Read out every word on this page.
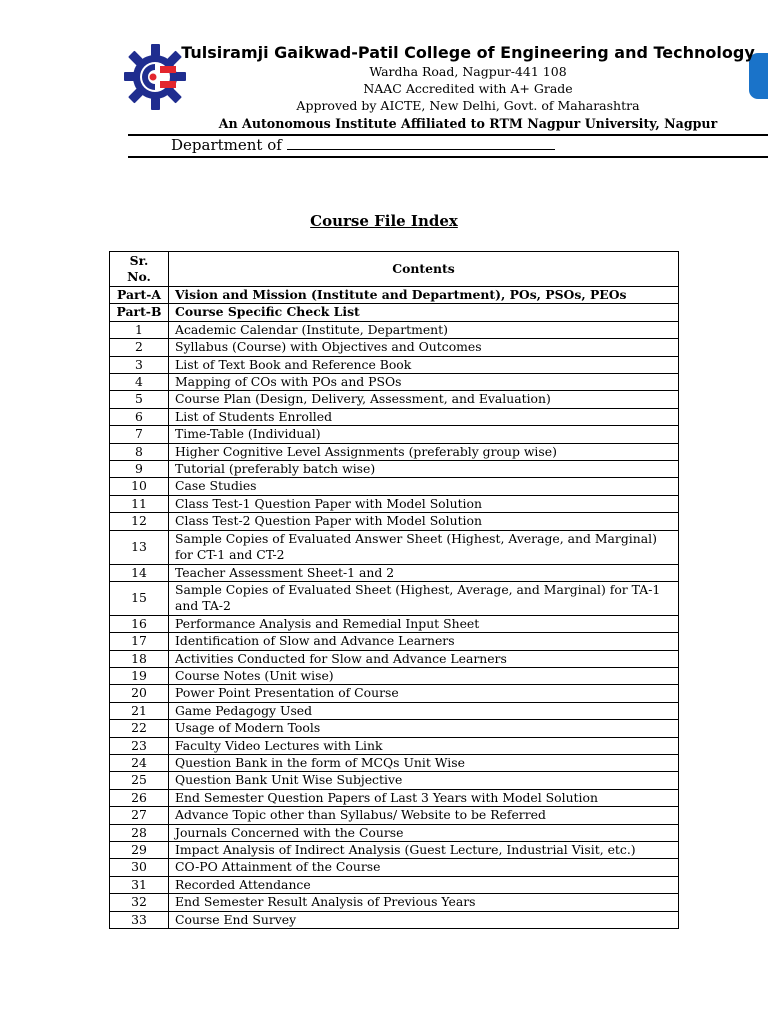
Tulsiramji Gaikwad-Patil College of Engineering and Technology
Wardha Road, Nagpur-441 108
NAAC Accredited with A+ Grade
Approved by AICTE, New Delhi, Govt. of Maharashtra
An Autonomous Institute Affiliated to RTM Nagpur University, Nagpur
Department of
Course File Index
Sr. No.	Contents
Part-A	Vision and Mission (Institute and Department), POs, PSOs, PEOs
Part-B	Course Specific Check List
1	Academic Calendar (Institute, Department)
2	Syllabus (Course) with Objectives and Outcomes
3	List of Text Book and Reference Book
4	Mapping of COs with POs and PSOs
5	Course Plan (Design, Delivery, Assessment, and Evaluation)
6	List of Students Enrolled
7	Time-Table (Individual)
8	Higher Cognitive Level Assignments (preferably group wise)
9	Tutorial (preferably batch wise)
10	Case Studies
11	Class Test-1 Question Paper with Model Solution
12	Class Test-2 Question Paper with Model Solution
13	Sample Copies of Evaluated Answer Sheet (Highest, Average, and Marginal) for CT-1 and CT-2
14	Teacher Assessment Sheet-1 and 2
15	Sample Copies of Evaluated Sheet (Highest, Average, and Marginal) for TA-1 and TA-2
16	Performance Analysis and Remedial Input Sheet
17	Identification of Slow and Advance Learners
18	Activities Conducted for Slow and Advance Learners
19	Course Notes (Unit wise)
20	Power Point Presentation of Course
21	Game Pedagogy Used
22	Usage of Modern Tools
23	Faculty Video Lectures with Link
24	Question Bank in the form of MCQs Unit Wise
25	Question Bank Unit Wise Subjective
26	End Semester Question Papers of Last 3 Years with Model Solution
27	Advance Topic other than Syllabus/ Website to be Referred
28	Journals Concerned with the Course
29	Impact Analysis of Indirect Analysis (Guest Lecture, Industrial Visit, etc.)
30	CO-PO Attainment of the Course
31	Recorded Attendance
32	End Semester Result Analysis of Previous Years
33	Course End Survey
